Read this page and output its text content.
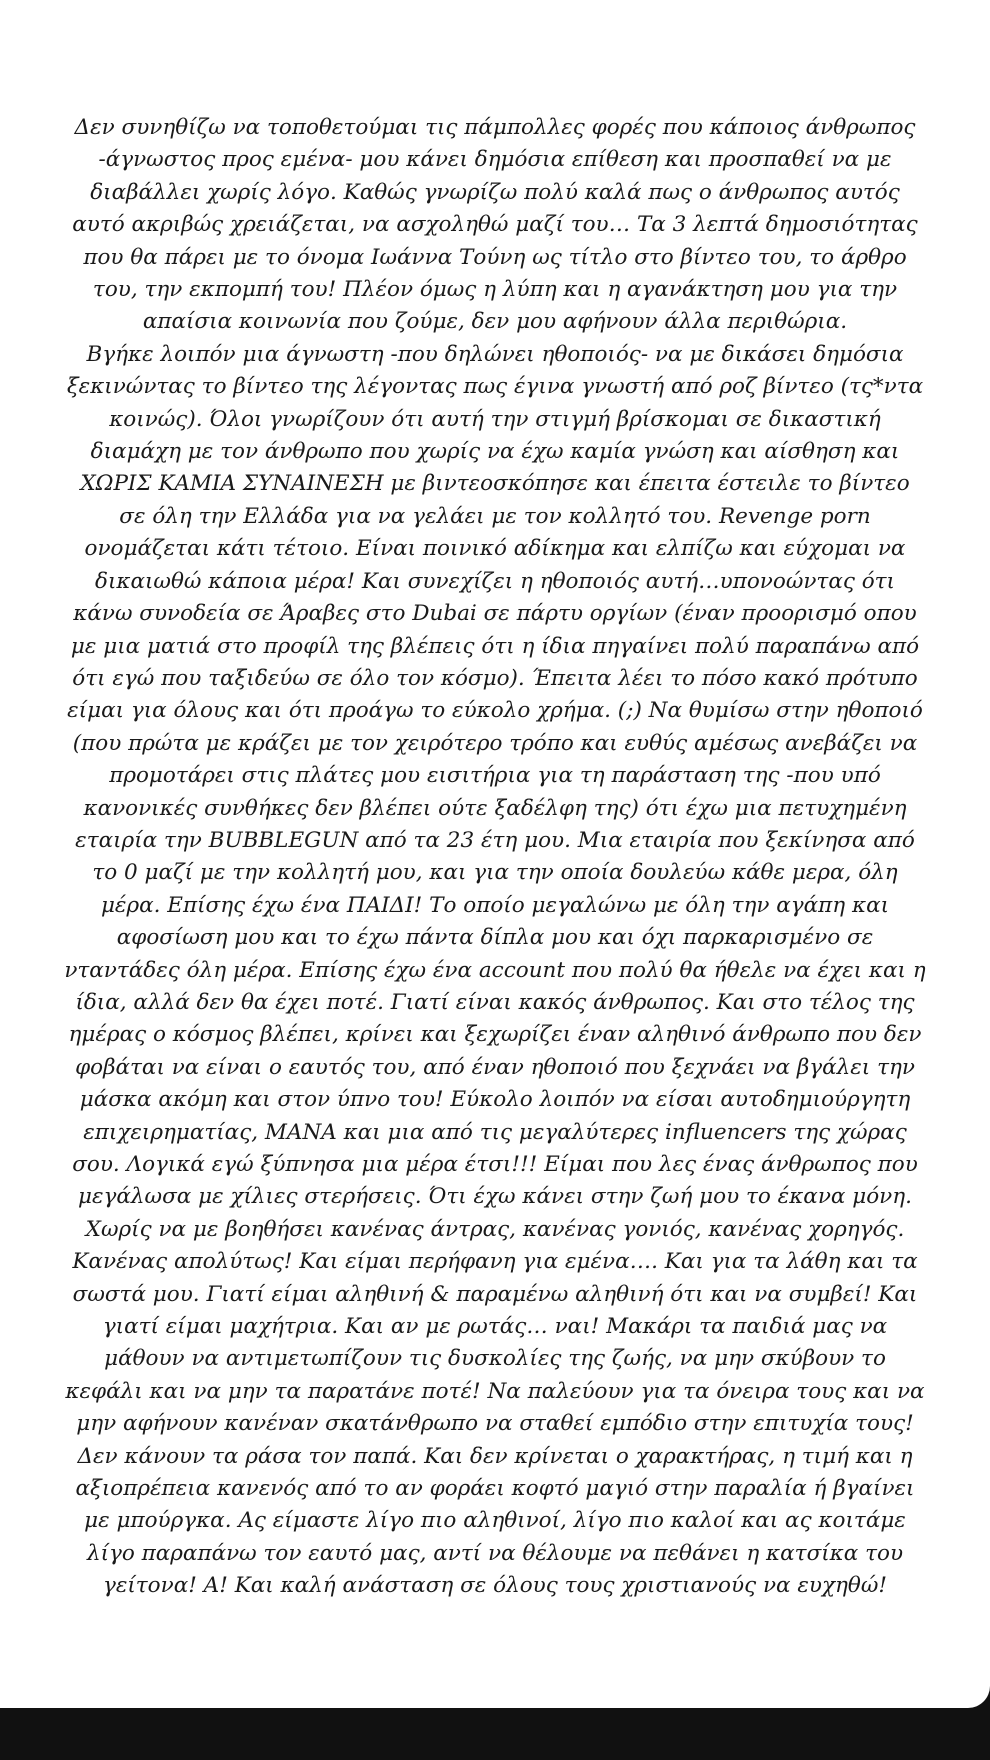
Δεν συνηθίζω να τοποθετούμαι τις πάμπολλες φορές που κάποιος άνθρωπος -άγνωστος προς εμένα- μου κάνει δημόσια επίθεση και προσπαθεί να με διαβάλλει χωρίς λόγο. Καθώς γνωρίζω πολύ καλά πως ο άνθρωπος αυτός αυτό ακριβώς χρειάζεται, να ασχοληθώ μαζί του… Τα 3 λεπτά δημοσιότητας που θα πάρει με το όνομα Ιωάννα Τούνη ως τίτλο στο βίντεο του, το άρθρο του, την εκπομπή του! Πλέον όμως η λύπη και η αγανάκτηση μου για την απαίσια κοινωνία που ζούμε, δεν μου αφήνουν άλλα περιθώρια.

Βγήκε λοιπόν μια άγνωστη -που δηλώνει ηθοποιός- να με δικάσει δημόσια ξεκινώντας το βίντεο της λέγοντας πως έγινα γνωστή από ροζ βίντεο (τς*ντα κοινώς). Όλοι γνωρίζουν ότι αυτή την στιγμή βρίσκομαι σε δικαστική διαμάχη με τον άνθρωπο που χωρίς να έχω καμία γνώση και αίσθηση και ΧΩΡΙΣ ΚΑΜΙΑ ΣΥΝΑΙΝΕΣΗ με βιντεοσκόπησε και έπειτα έστειλε το βίντεο σε όλη την Ελλάδα για να γελάει με τον κολλητό του. Revenge porn ονομάζεται κάτι τέτοιο. Είναι ποινικό αδίκημα και ελπίζω και εύχομαι να δικαιωθώ κάποια μέρα! Και συνεχίζει η ηθοποιός αυτή…υπονοώντας ότι κάνω συνοδεία σε Άραβες στο Dubai σε πάρτυ οργίων (έναν προορισμό οπου με μια ματιά στο προφίλ της βλέπεις ότι η ίδια πηγαίνει πολύ παραπάνω από ότι εγώ που ταξιδεύω σε όλο τον κόσμο). Έπειτα λέει το πόσο κακό πρότυπο είμαι για όλους και ότι προάγω το εύκολο χρήμα. (;) Να θυμίσω στην ηθοποιό (που πρώτα με κράζει με τον χειρότερο τρόπο και ευθύς αμέσως ανεβάζει να προμοτάρει στις πλάτες μου εισιτήρια για τη παράσταση της -που υπό κανονικές συνθήκες δεν βλέπει ούτε ξαδέλφη της) ότι έχω μια πετυχημένη εταιρία την BUBBLEGUN από τα 23 έτη μου. Μια εταιρία που ξεκίνησα από το 0 μαζί με την κολλητή μου, και για την οποία δουλεύω κάθε μερα, όλη μέρα. Επίσης έχω ένα ΠΑΙΔΙ! Το οποίο μεγαλώνω με όλη την αγάπη και αφοσίωση μου και το έχω πάντα δίπλα μου και όχι παρκαρισμένο σε νταντάδες όλη μέρα. Επίσης έχω ένα account που πολύ θα ήθελε να έχει και η ίδια, αλλά δεν θα έχει ποτέ. Γιατί είναι κακός άνθρωπος. Και στο τέλος της ημέρας ο κόσμος βλέπει, κρίνει και ξεχωρίζει έναν αληθινό άνθρωπο που δεν φοβάται να είναι ο εαυτός του, από έναν ηθοποιό που ξεχνάει να βγάλει την μάσκα ακόμη και στον ύπνο του! Εύκολο λοιπόν να είσαι αυτοδημιούργητη επιχειρηματίας, ΜΑΝΑ και μια από τις μεγαλύτερες influencers της χώρας σου. Λογικά εγώ ξύπνησα μια μέρα έτσι!!! Είμαι που λες ένας άνθρωπος που μεγάλωσα με χίλιες στερήσεις. Ότι έχω κάνει στην ζωή μου το έκανα μόνη. Χωρίς να με βοηθήσει κανένας άντρας, κανένας γονιός, κανένας χορηγός. Κανένας απολύτως! Και είμαι περήφανη για εμένα…. Και για τα λάθη και τα σωστά μου. Γιατί είμαι αληθινή & παραμένω αληθινή ότι και να συμβεί! Και γιατί είμαι μαχήτρια. Και αν με ρωτάς… ναι! Μακάρι τα παιδιά μας να μάθουν να αντιμετωπίζουν τις δυσκολίες της ζωής, να μην σκύβουν το κεφάλι και να μην τα παρατάνε ποτέ! Να παλεύουν για τα όνειρα τους και να μην αφήνουν κανέναν σκατάνθρωπο να σταθεί εμπόδιο στην επιτυχία τους! Δεν κάνουν τα ράσα τον παπά. Και δεν κρίνεται ο χαρακτήρας, η τιμή και η αξιοπρέπεια κανενός από το αν φοράει κοφτό μαγιό στην παραλία ή βγαίνει με μπούργκα. Ας είμαστε λίγο πιο αληθινοί, λίγο πιο καλοί και ας κοιτάμε λίγο παραπάνω τον εαυτό μας, αντί να θέλουμε να πεθάνει η κατσίκα του γείτονα! Α! Και καλή ανάσταση σε όλους τους χριστιανούς να ευχηθώ!
